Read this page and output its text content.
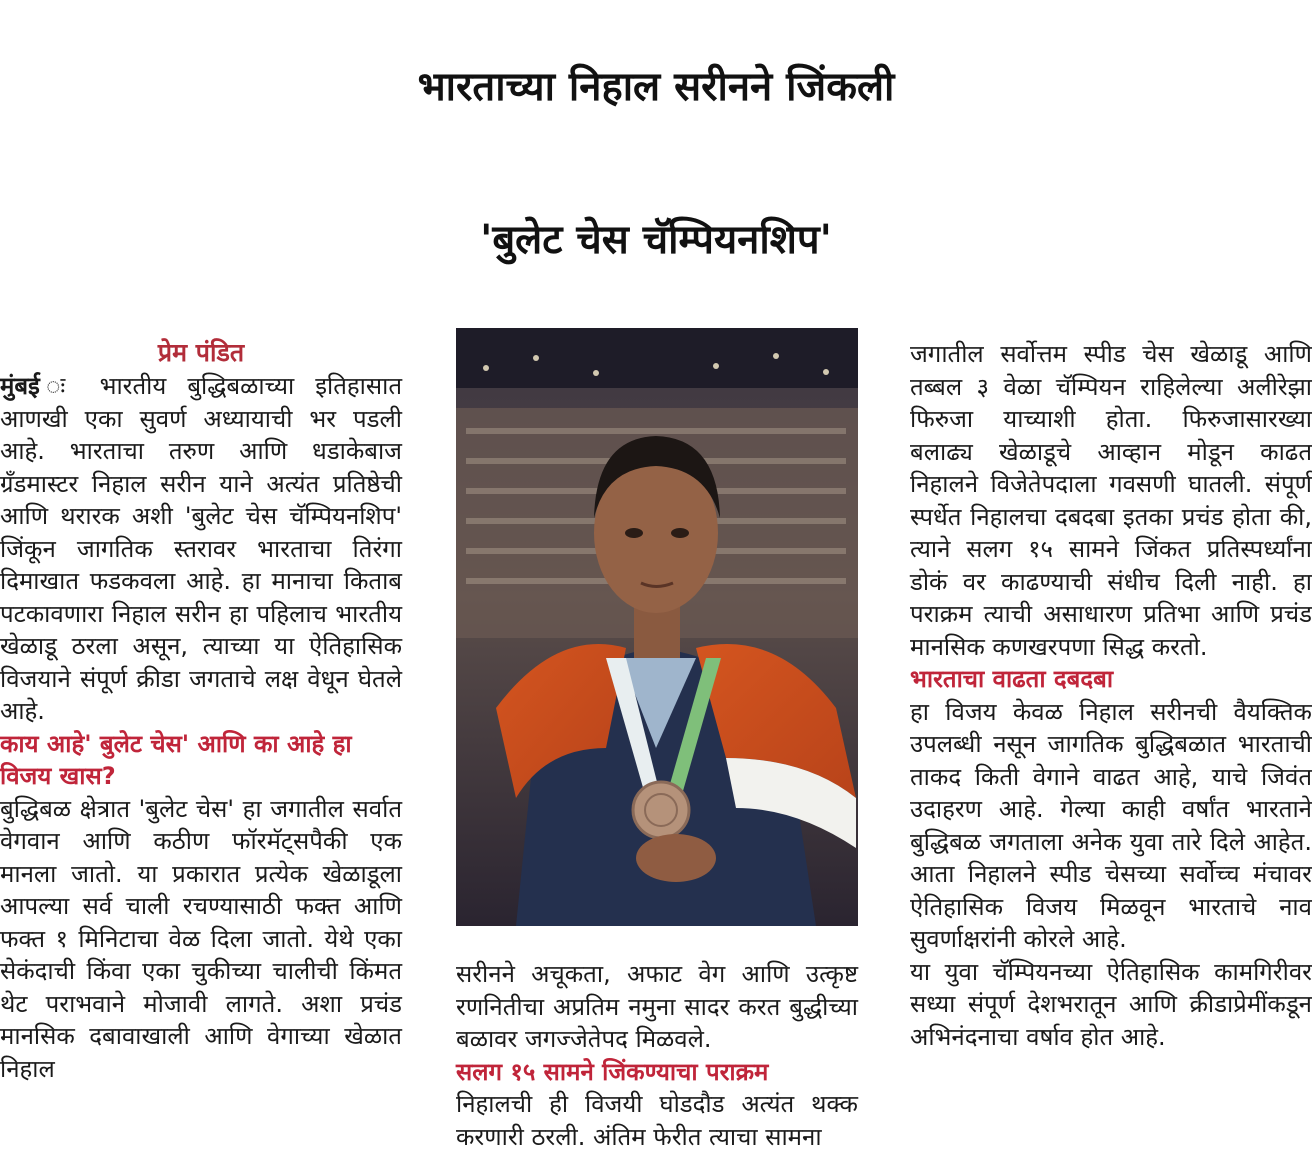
भारताच्या निहाल सरीनने जिंकली
'बुलेट चेस चॅम्पियनशिप'

प्रेम पंडित

मुंबई ः भारतीय बुद्धिबळाच्या इतिहासात आणखी एका सुवर्ण अध्यायाची भर पडली आहे. भारताचा तरुण आणि धडाकेबाज ग्रँडमास्टर निहाल सरीन याने अत्यंत प्रतिष्ठेची आणि थरारक अशी 'बुलेट चेस चॅम्पियनशिप' जिंकून जागतिक स्तरावर भारताचा तिरंगा दिमाखात फडकवला आहे. हा मानाचा किताब पटकावणारा निहाल सरीन हा पहिलाच भारतीय खेळाडू ठरला असून, त्याच्या या ऐतिहासिक विजयाने संपूर्ण क्रीडा जगताचे लक्ष वेधून घेतले आहे.

काय आहे' बुलेट चेस' आणि का आहे हा विजय खास?

बुद्धिबळ क्षेत्रात 'बुलेट चेस' हा जगातील सर्वात वेगवान आणि कठीण फॉरमॅट्सपैकी एक मानला जातो. या प्रकारात प्रत्येक खेळाडूला आपल्या सर्व चाली रचण्यासाठी फक्त आणि फक्त १ मिनिटाचा वेळ दिला जातो. येथे एका सेकंदाची किंवा एका चुकीच्या चालीची किंमत थेट पराभवाने मोजावी लागते. अशा प्रचंड मानसिक दबावाखाली आणि वेगाच्या खेळात निहाल

सरीनने अचूकता, अफाट वेग आणि उत्कृष्ट रणनितीचा अप्रतिम नमुना सादर करत बुद्धीच्या बळावर जगज्जेतेपद मिळवले.

सलग १५ सामने जिंकण्याचा पराक्रम

निहालची ही विजयी घोडदौड अत्यंत थक्क करणारी ठरली. अंतिम फेरीत त्याचा सामना

जगातील सर्वोत्तम स्पीड चेस खेळाडू आणि तब्बल ३ वेळा चॅम्पियन राहिलेल्या अलीरेझा फिरुजा याच्याशी होता. फिरुजासारख्या बलाढ्य खेळाडूचे आव्हान मोडून काढत निहालने विजेतेपदाला गवसणी घातली. संपूर्ण स्पर्धेत निहालचा दबदबा इतका प्रचंड होता की, त्याने सलग १५ सामने जिंकत प्रतिस्पर्ध्यांना डोकं वर काढण्याची संधीच दिली नाही. हा पराक्रम त्याची असाधारण प्रतिभा आणि प्रचंड मानसिक कणखरपणा सिद्ध करतो.

भारताचा वाढता दबदबा

हा विजय केवळ निहाल सरीनची वैयक्तिक उपलब्धी नसून जागतिक बुद्धिबळात भारताची ताकद किती वेगाने वाढत आहे, याचे जिवंत उदाहरण आहे. गेल्या काही वर्षांत भारताने बुद्धिबळ जगताला अनेक युवा तारे दिले आहेत. आता निहालने स्पीड चेसच्या सर्वोच्च मंचावर ऐतिहासिक विजय मिळवून भारताचे नाव सुवर्णाक्षरांनी कोरले आहे.

या युवा चॅम्पियनच्या ऐतिहासिक कामगिरीवर सध्या संपूर्ण देशभरातून आणि क्रीडाप्रेमींकडून अभिनंदनाचा वर्षाव होत आहे.
